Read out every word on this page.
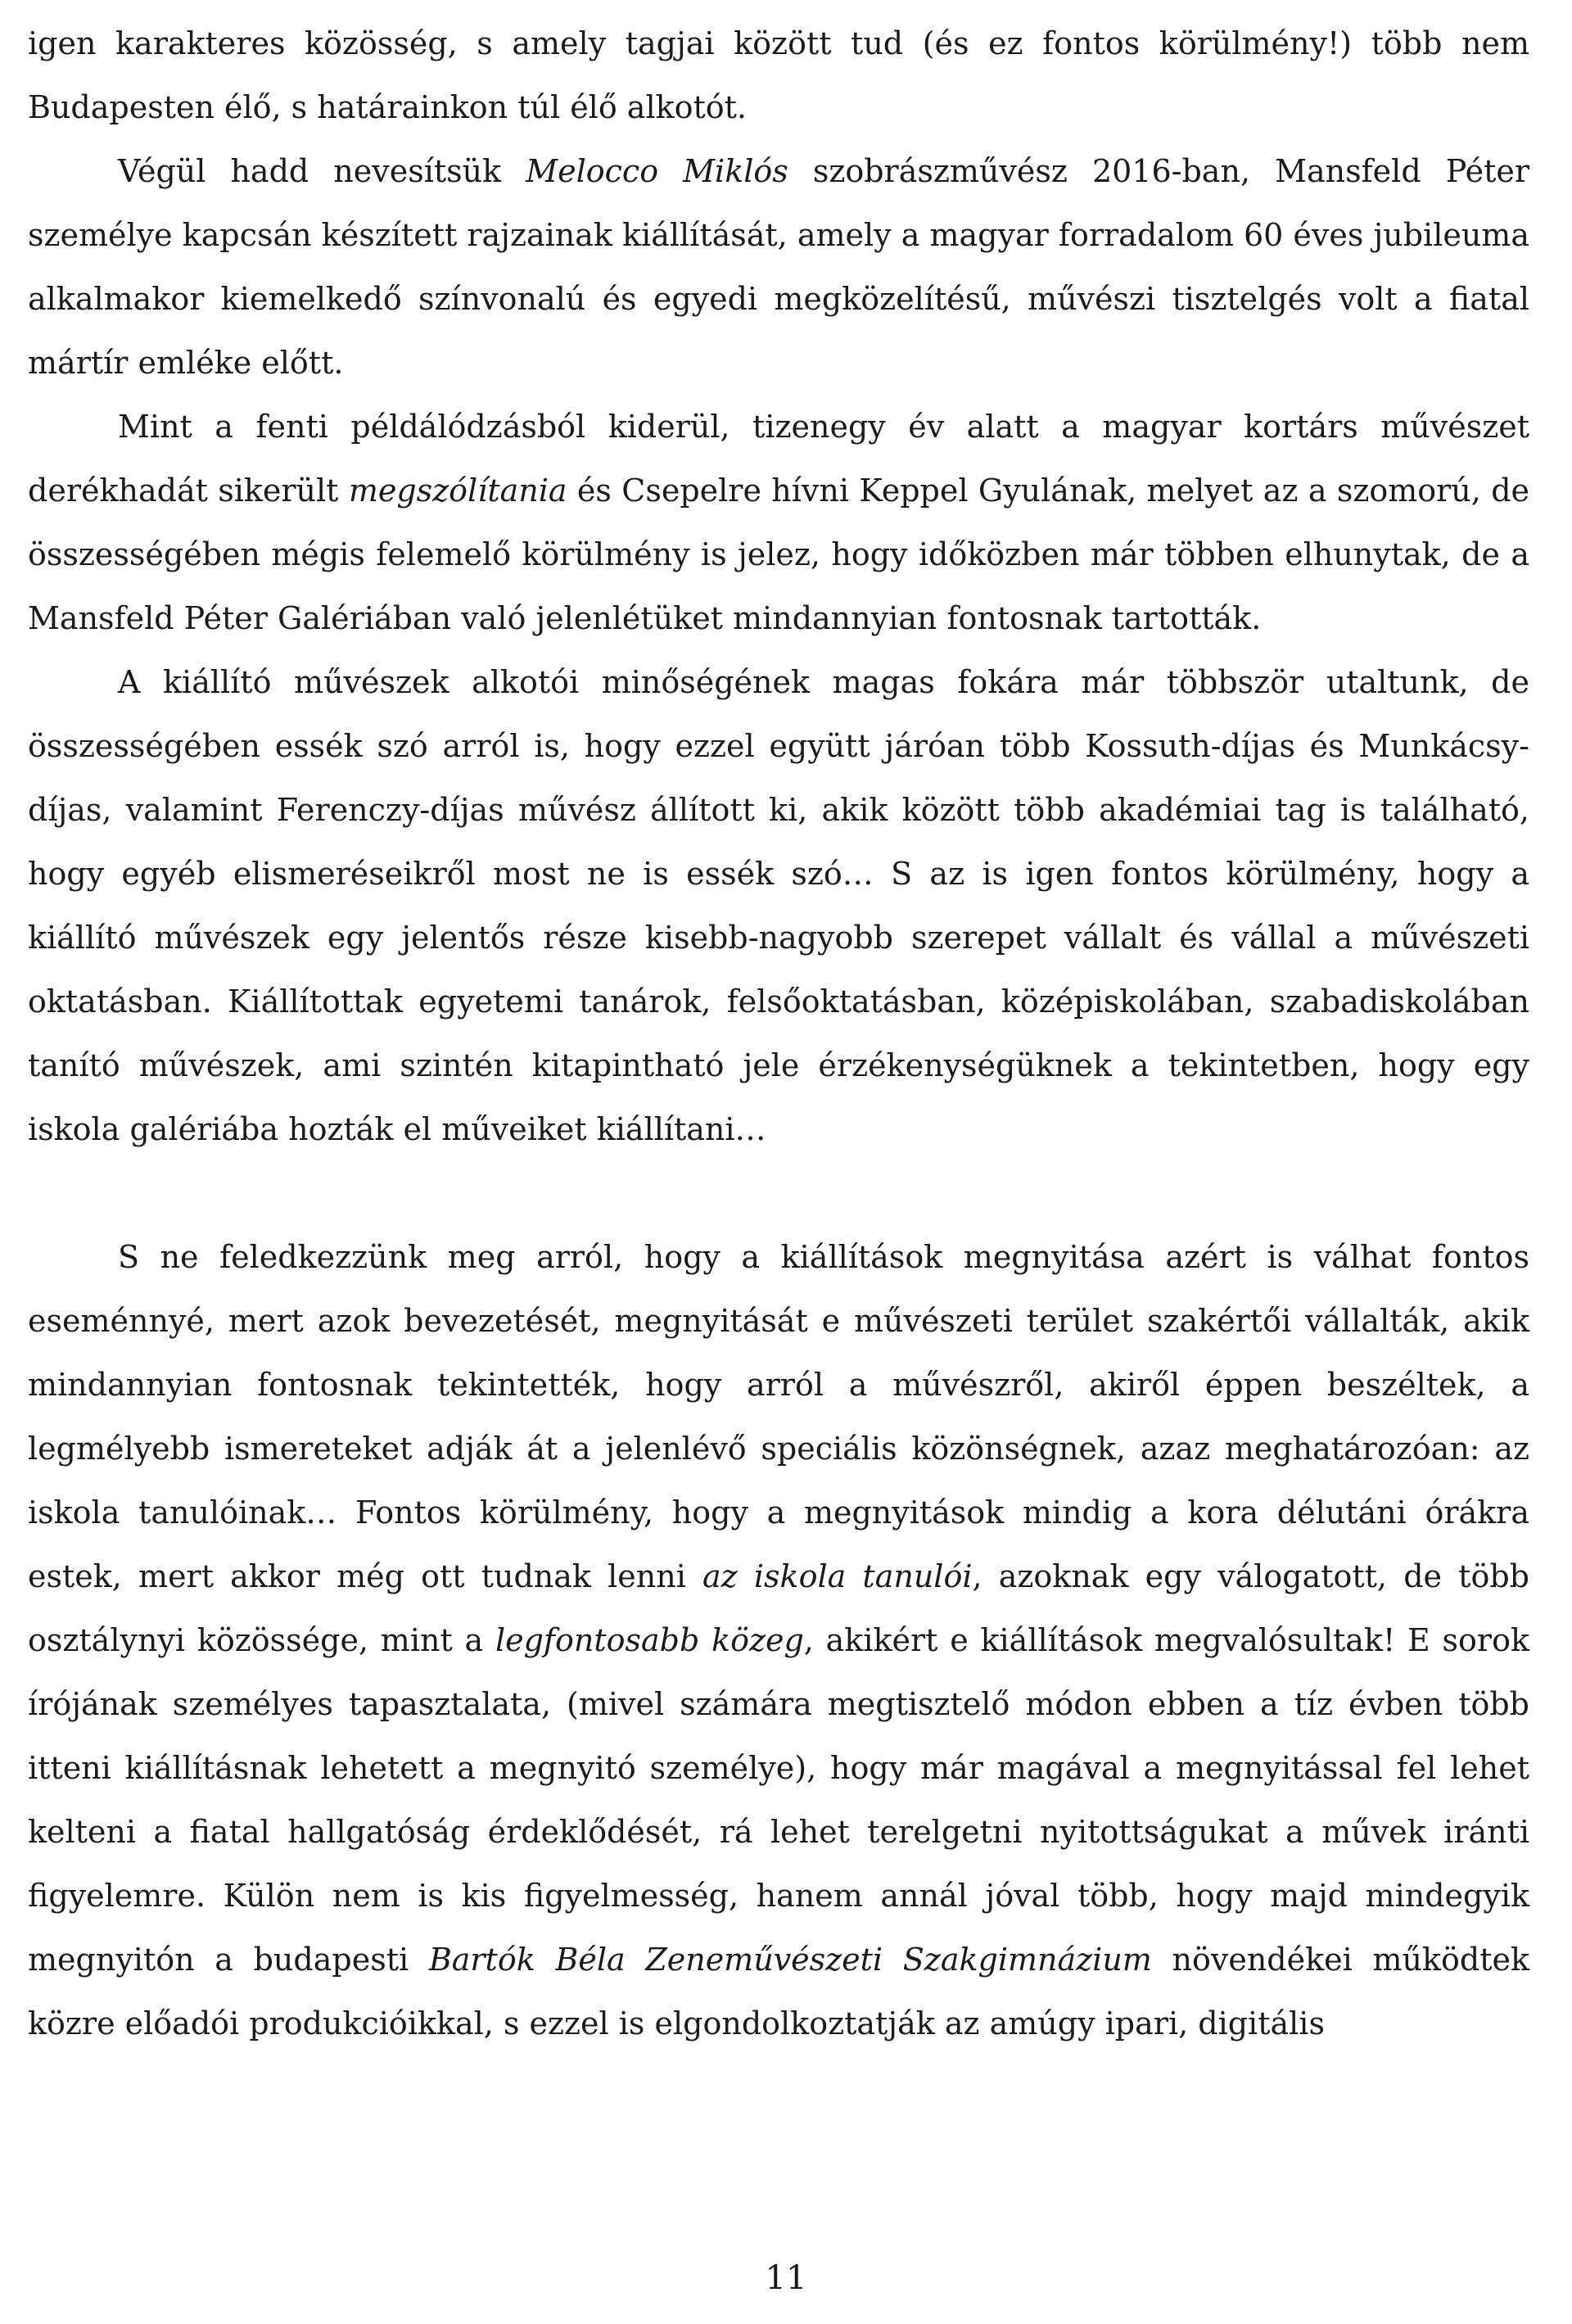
igen karakteres közösség, s amely tagjai között tud (és ez fontos körülmény!) több nem Budapesten élő, s határainkon túl élő alkotót.

Végül hadd nevesítsük Melocco Miklós szobrászművész 2016-ban, Mansfeld Péter személye kapcsán készített rajzainak kiállítását, amely a magyar forradalom 60 éves jubileuma alkalmakor kiemelkedő színvonalú és egyedi megközelítésű, művészi tisztelgés volt a fiatal mártír emléke előtt.

Mint a fenti példálódzásból kiderül, tizenegy év alatt a magyar kortárs művészet derékhadát sikerült megszólítania és Csepelre hívni Keppel Gyulának, melyet az a szomorú, de összességében mégis felemelő körülmény is jelez, hogy időközben már többen elhunytak, de a Mansfeld Péter Galériában való jelenlétüket mindannyian fontosnak tartották.

A kiállító művészek alkotói minőségének magas fokára már többször utaltunk, de összességében essék szó arról is, hogy ezzel együtt járóan több Kossuth-díjas és Munkácsy-díjas, valamint Ferenczy-díjas művész állított ki, akik között több akadémiai tag is található, hogy egyéb elismeréseikről most ne is essék szó… S az is igen fontos körülmény, hogy a kiállító művészek egy jelentős része kisebb-nagyobb szerepet vállalt és vállal a művészeti oktatásban. Kiállítottak egyetemi tanárok, felsőoktatásban, középiskolában, szabadiskolában tanító művészek, ami szintén kitapintható jele érzékenységüknek a tekintetben, hogy egy iskola galériába hozták el műveiket kiállítani…

S ne feledkezzünk meg arról, hogy a kiállítások megnyitása azért is válhat fontos eseménnyé, mert azok bevezetését, megnyitását e művészeti terület szakértői vállalták, akik mindannyian fontosnak tekintették, hogy arról a művészről, akiről éppen beszéltek, a legmélyebb ismereteket adják át a jelenlévő speciális közönségnek, azaz meghatározóan: az iskola tanulóinak… Fontos körülmény, hogy a megnyitások mindig a kora délutáni órákra estek, mert akkor még ott tudnak lenni az iskola tanulói, azoknak egy válogatott, de több osztálynyi közössége, mint a legfontosabb közeg, akikért e kiállítások megvalósultak! E sorok írójának személyes tapasztalata, (mivel számára megtisztelő módon ebben a tíz évben több itteni kiállításnak lehetett a megnyitó személye), hogy már magával a megnyitással fel lehet kelteni a fiatal hallgatóság érdeklődését, rá lehet terelgetni nyitottságukat a művek iránti figyelemre. Külön nem is kis figyelmesség, hanem annál jóval több, hogy majd mindegyik megnyitón a budapesti Bartók Béla Zeneművészeti Szakgimnázium növendékei működtek közre előadói produkcióikkal, s ezzel is elgondolkoztatják az amúgy ipari, digitális

11
